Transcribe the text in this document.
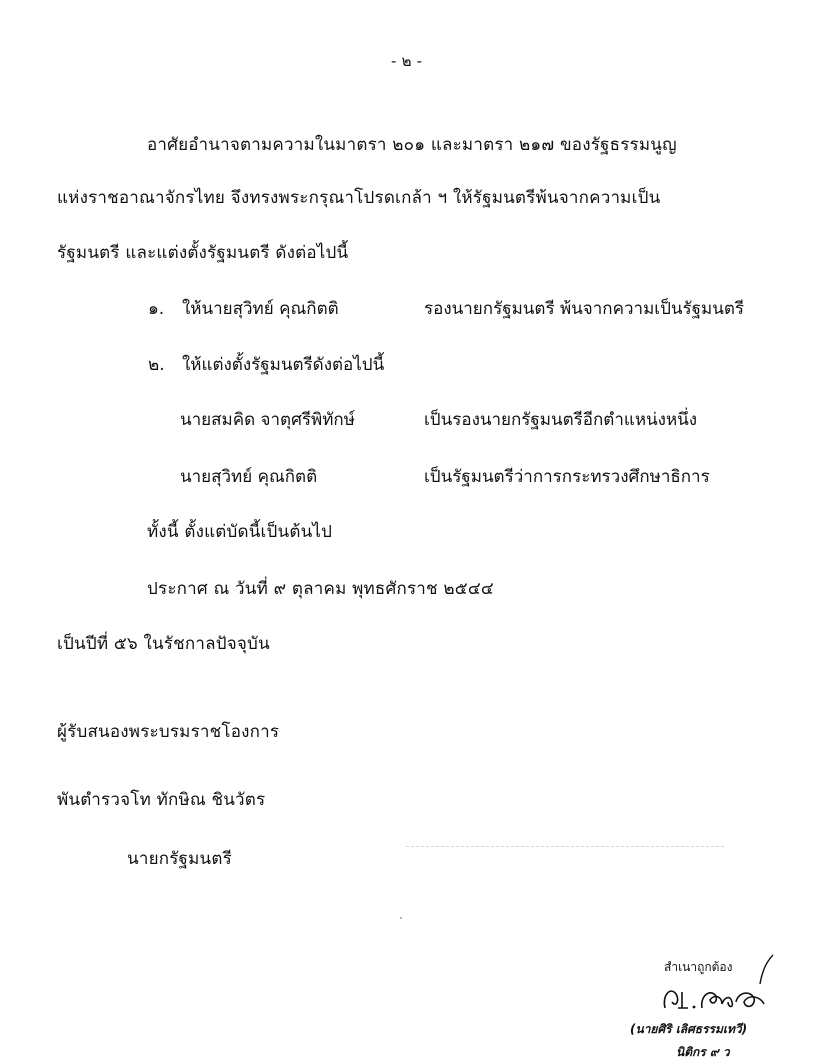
- ๒ -
อาศัยอำนาจตามความในมาตรา ๒๐๑ และมาตรา ๒๑๗ ของรัฐธรรมนูญ
แห่งราชอาณาจักรไทย จึงทรงพระกรุณาโปรดเกล้า ฯ ให้รัฐมนตรีพ้นจากความเป็น
รัฐมนตรี และแต่งตั้งรัฐมนตรี ดังต่อไปนี้
๑. ให้นายสุวิทย์ คุณกิตติ	รองนายกรัฐมนตรี พ้นจากความเป็นรัฐมนตรี
๒. ให้แต่งตั้งรัฐมนตรีดังต่อไปนี้
นายสมคิด จาตุศรีพิทักษ์	เป็นรองนายกรัฐมนตรีอีกตำแหน่งหนึ่ง
นายสุวิทย์ คุณกิตติ	เป็นรัฐมนตรีว่าการกระทรวงศึกษาธิการ
ทั้งนี้ ตั้งแต่บัดนี้เป็นต้นไป
ประกาศ ณ วันที่ ๙ ตุลาคม พุทธศักราช ๒๕๔๔
เป็นปีที่ ๕๖ ในรัชกาลปัจจุบัน
ผู้รับสนองพระบรมราชโองการ
พันตำรวจโท ทักษิณ ชินวัตร
นายกรัฐมนตรี
สำเนาถูกต้อง
(นายศิริ เลิศธรรมเทวี)
นิติกร ๙ ว
